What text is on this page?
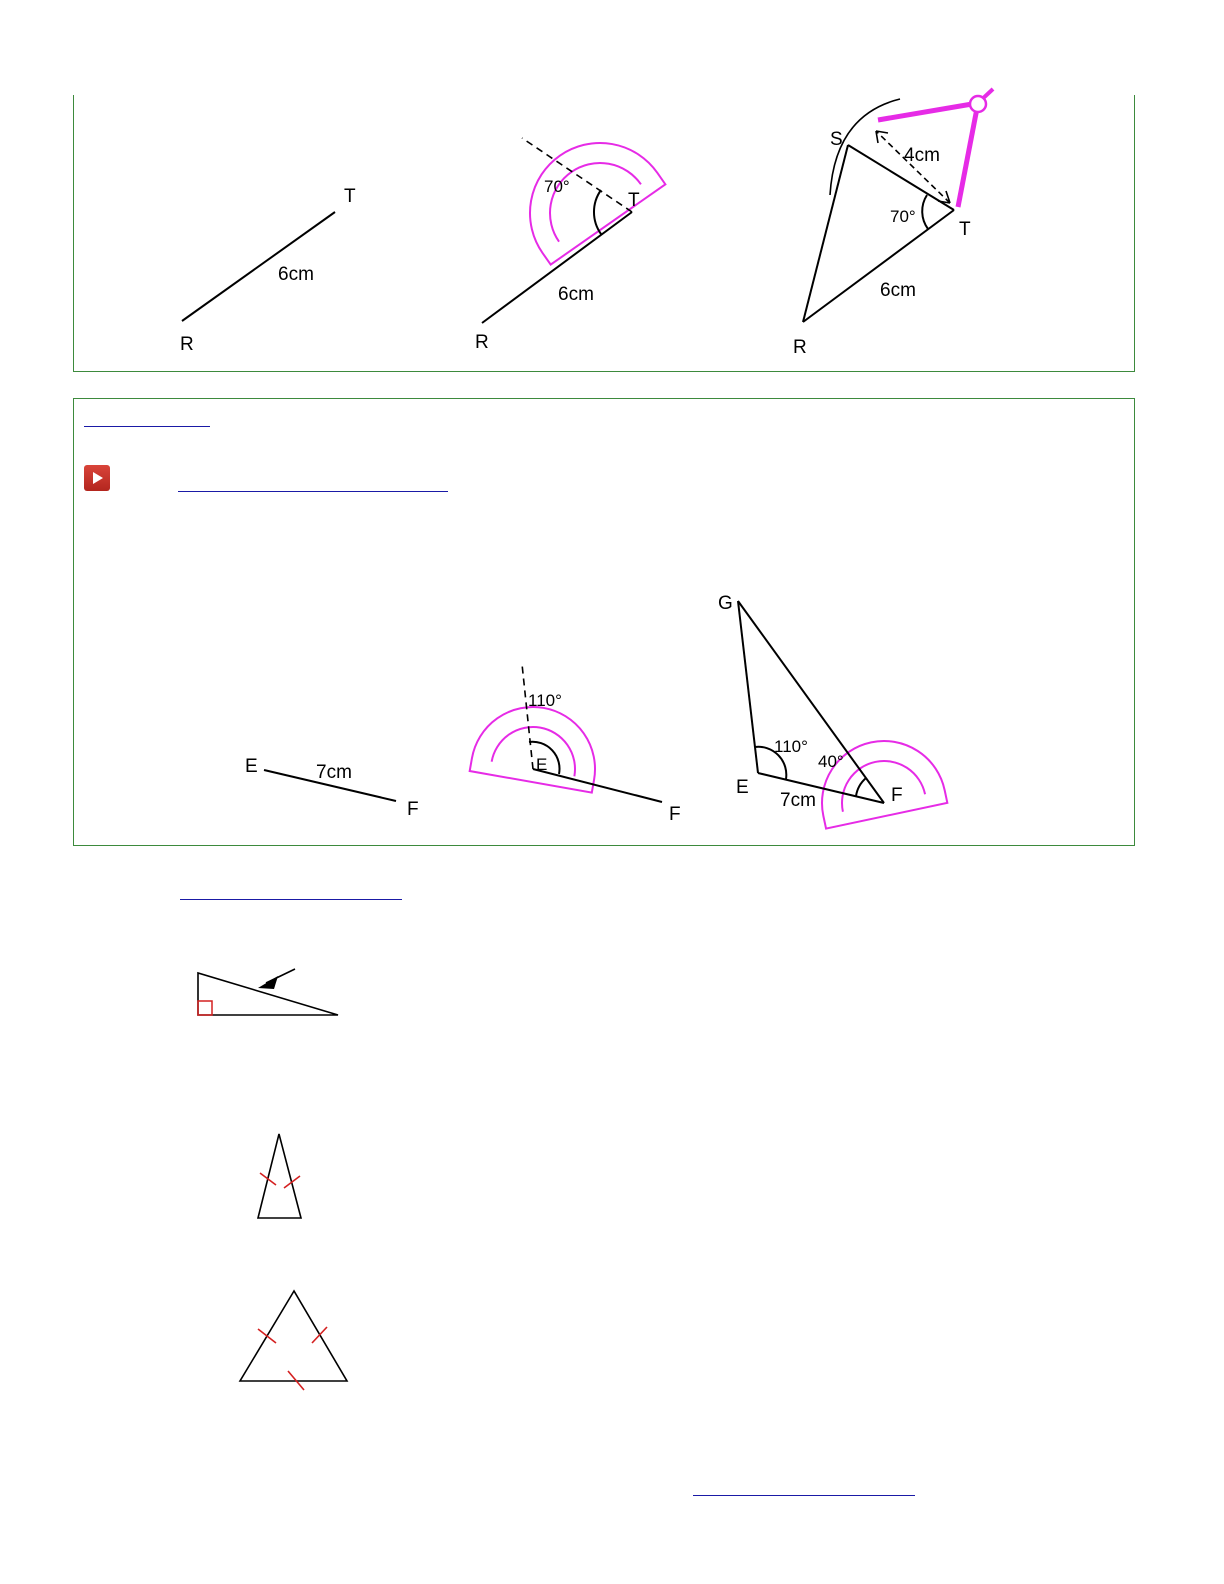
R
T
6cm
R
T
6cm
70°
R
S
T
6cm
4cm
70°
E
F
7cm	E
F
110°
G
E	F
7cm
110°
40°
